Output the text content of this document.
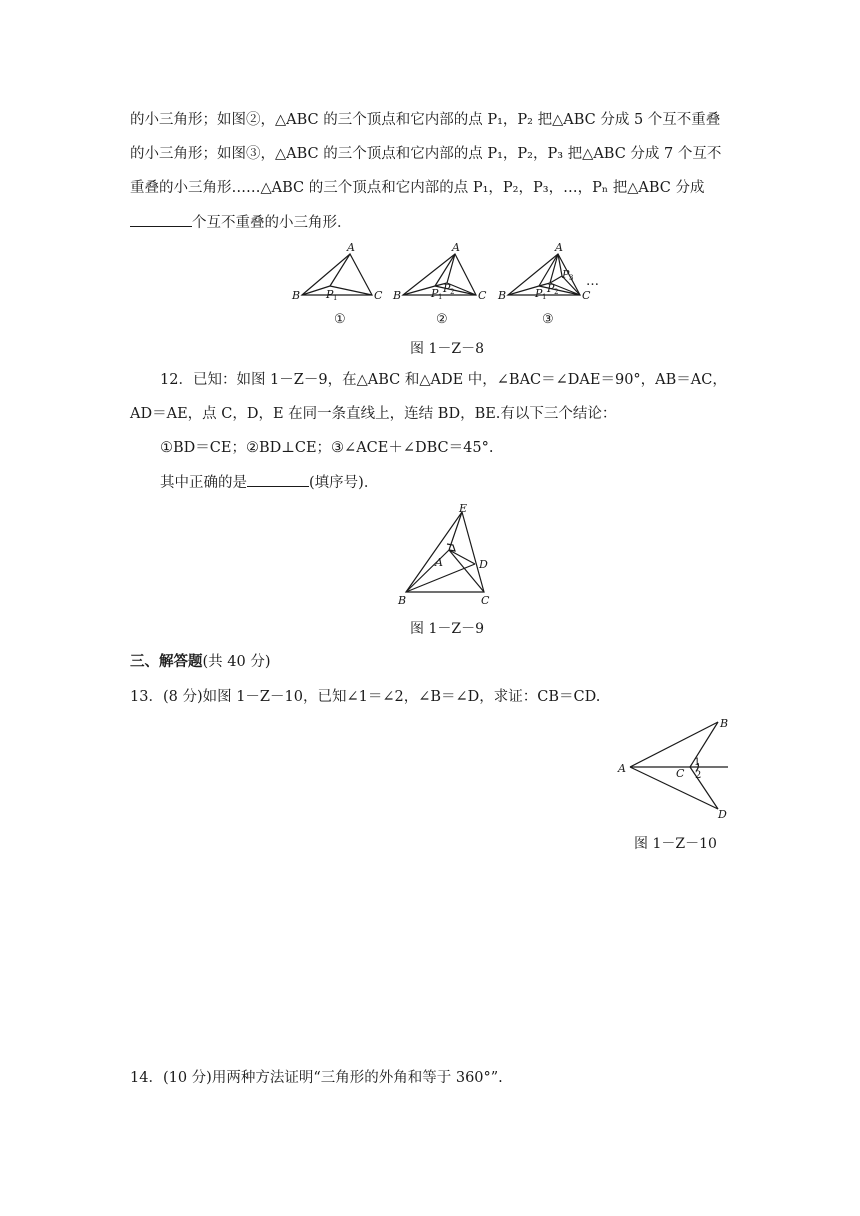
的小三角形；如图②，△ABC 的三个顶点和它内部的点 P₁，P₂ 把△ABC 分成 5 个互不重叠
的小三角形；如图③，△ABC 的三个顶点和它内部的点 P₁，P₂，P₃ 把△ABC 分成 7 个互不
重叠的小三角形……△ABC 的三个顶点和它内部的点 P₁，P₂，P₃，…，Pₙ 把△ABC 分成
个互不重叠的小三角形．
A
B	C
P 1
A
B	C
P 1
P 2
A
B	C
P 1
P 2
P 3 …
①	②	③
图 1－Z－8
12．已知：如图 1－Z－9，在△ABC 和△ADE 中，∠BAC＝∠DAE＝90°，AB＝AC，
AD＝AE，点 C，D，E 在同一条直线上，连结 BD，BE.有以下三个结论：
①BD＝CE；②BD⊥CE；③∠ACE＋∠DBC＝45°.
其中正确的是	(填序号)．
E
A	D
B	C
图 1－Z－9
三、解答题(共 40 分)
13．(8 分)如图 1－Z－10，已知∠1＝∠2，∠B＝∠D，求证：CB＝CD.
A
B
C
D
1
2
图 1－Z－10
14．(10 分)用两种方法证明“三角形的外角和等于 360°”.
